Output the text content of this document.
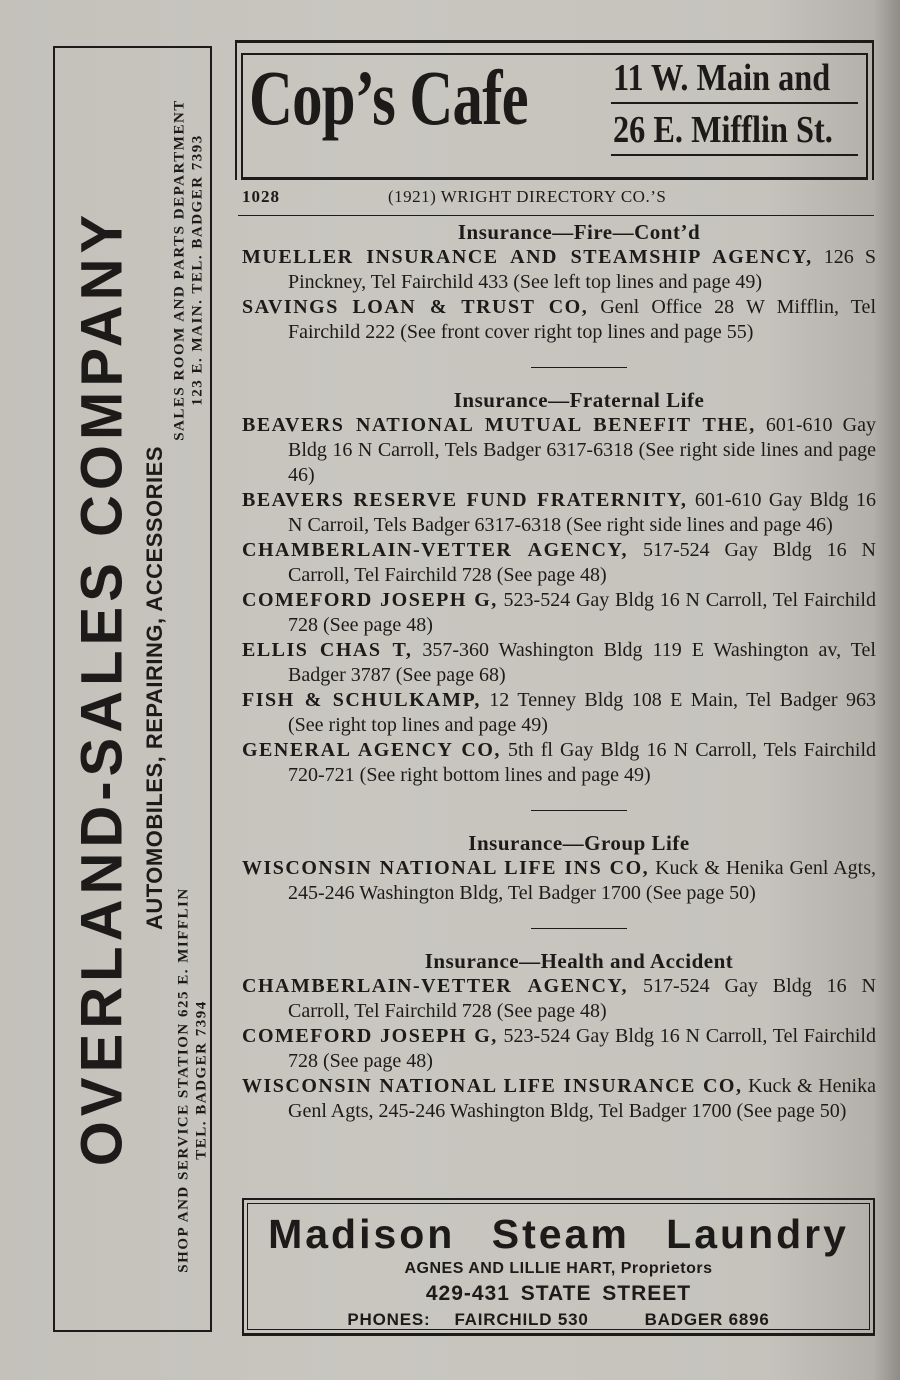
OVERLAND-SALES COMPANY AUTOMOBILES, REPAIRING, ACCESSORIES
SALES ROOM AND PARTS DEPARTMENT 123 E. MAIN. TEL. BADGER 7393
SHOP AND SERVICE STATION 625 E. MIFFLIN TEL. BADGER 7394
Cop’s Cafe 11 W. Main and
26 E. Mifflin St.
1028	(1921) WRIGHT DIRECTORY CO.’S
Insurance—Fire—Cont’d
MUELLER INSURANCE AND STEAMSHIP AGENCY, 126 S Pinckney, Tel Fairchild 433 (See left top lines and page 49)
SAVINGS LOAN & TRUST CO, Genl Office 28 W Mifflin, Tel Fairchild 222 (See front cover right top lines and page 55)
Insurance—Fraternal Life
BEAVERS NATIONAL MUTUAL BENEFIT THE, 601-610 Gay Bldg 16 N Carroll, Tels Badger 6317-6318 (See right side lines and page 46)
BEAVERS RESERVE FUND FRATERNITY, 601-610 Gay Bldg 16 N Carroil, Tels Badger 6317-6318 (See right side lines and page 46)
CHAMBERLAIN-VETTER AGENCY, 517-524 Gay Bldg 16 N Carroll, Tel Fairchild 728 (See page 48)
COMEFORD JOSEPH G, 523-524 Gay Bldg 16 N Carroll, Tel Fairchild 728 (See page 48)
ELLIS CHAS T, 357-360 Washington Bldg 119 E Washington av, Tel Badger 3787 (See page 68)
FISH & SCHULKAMP, 12 Tenney Bldg 108 E Main, Tel Badger 963 (See right top lines and page 49)
GENERAL AGENCY CO, 5th fl Gay Bldg 16 N Carroll, Tels Fairchild 720-721 (See right bottom lines and page 49)
Insurance—Group Life
WISCONSIN NATIONAL LIFE INS CO, Kuck & Henika Genl Agts, 245-246 Washington Bldg, Tel Badger 1700 (See page 50)
Insurance—Health and Accident
CHAMBERLAIN-VETTER AGENCY, 517-524 Gay Bldg 16 N Carroll, Tel Fairchild 728 (See page 48)
COMEFORD JOSEPH G, 523-524 Gay Bldg 16 N Carroll, Tel Fairchild 728 (See page 48)
WISCONSIN NATIONAL LIFE INSURANCE CO, Kuck & Henika Genl Agts, 245-246 Washington Bldg, Tel Badger 1700 (See page 50)
Madison Steam Laundry
AGNES AND LILLIE HART, Proprietors
429-431 STATE STREET
PHONES: FAIRCHILD 530	BADGER 6896
